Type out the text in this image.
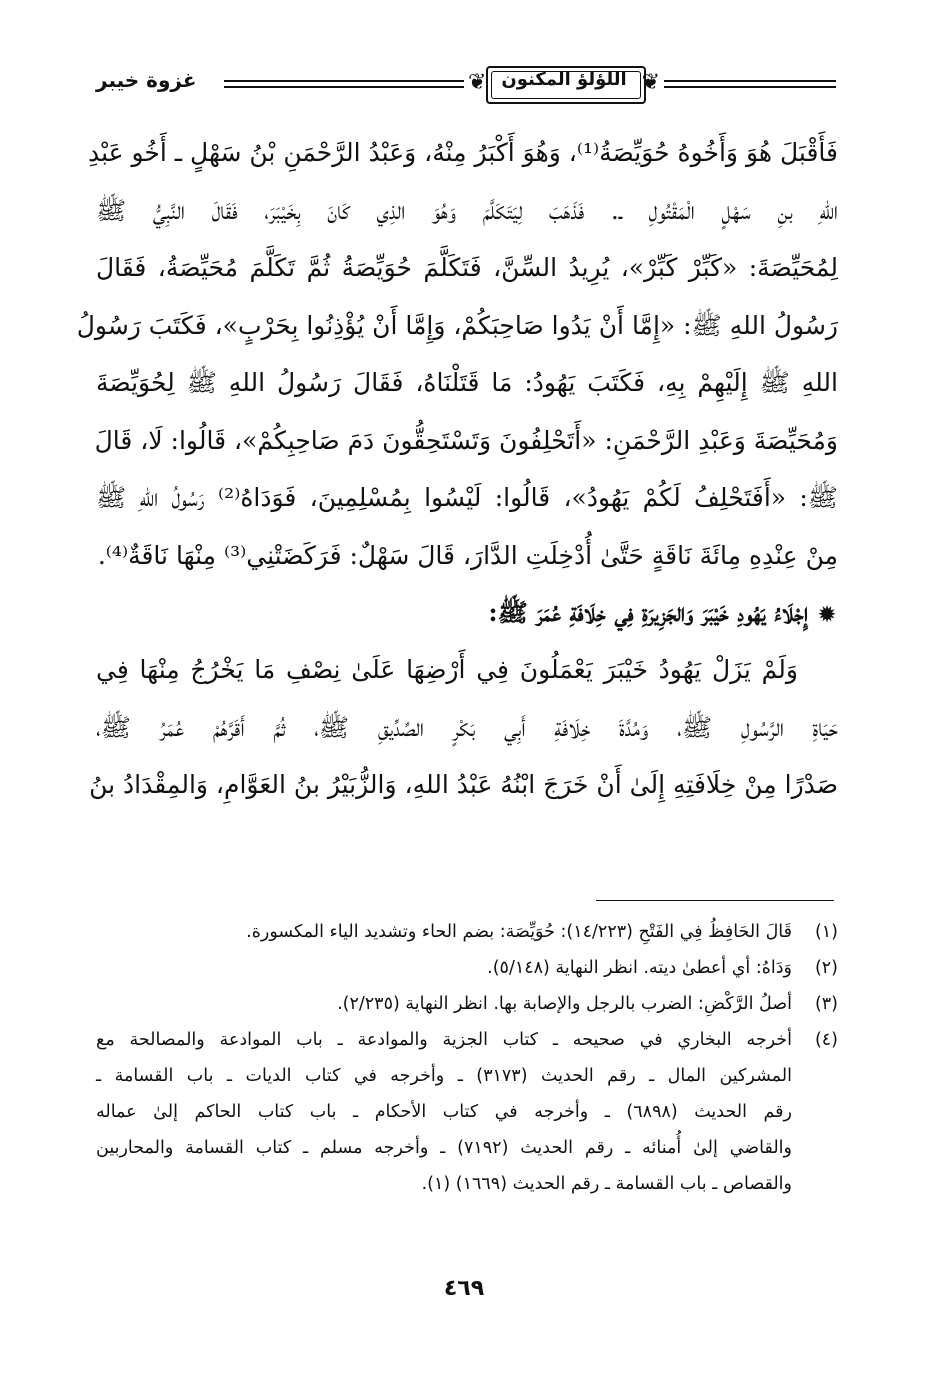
غزوة خيبر	❦ اللؤلؤ المكنون ❦
فَأَقْبَلَ هُوَ وَأَخُوهُ حُوَيِّصَةُ⁽¹⁾، وَهُوَ أَكْبَرُ مِنْهُ، وَعَبْدُ الرَّحْمَنِ بْنُ سَهْلٍ ـ أَخُو عَبْدِ
اللهِ بنِ سَهْلٍ الْمَقْتُولِ ـ. فَذَهَبَ لِيَتَكَلَّمَ وَهُوَ الذِي كَانَ بِخَيْبَرَ، فَقَالَ النَّبِيُّ ﷺ
لِمُحَيِّصَةَ: «كَبِّرْ كَبِّرْ»، يُرِيدُ السِّنَّ، فَتَكَلَّمَ حُوَيِّصَةُ ثُمَّ تَكَلَّمَ مُحَيِّصَةُ، فَقَالَ
رَسُولُ اللهِ ﷺ: «إِمَّا أَنْ يَدُوا صَاحِبَكُمْ، وَإِمَّا أَنْ يُؤْذِنُوا بِحَرْبٍ»، فَكَتَبَ رَسُولُ
اللهِ ﷺ إِلَيْهِمْ بِهِ، فَكَتَبَ يَهُودُ: مَا قَتَلْنَاهُ، فَقَالَ رَسُولُ اللهِ ﷺ لِحُوَيِّصَةَ
وَمُحَيِّصَةَ وَعَبْدِ الرَّحْمَنِ: «أَتَحْلِفُونَ وَتَسْتَحِقُّونَ دَمَ صَاحِبِكُمْ»، قَالُوا: لَا، قَالَ
ﷺ: «أَفَتَحْلِفُ لَكُمْ يَهُودُ»، قَالُوا: لَيْسُوا بِمُسْلِمِينَ، فَوَدَاهُ⁽²⁾ رَسُولُ اللهِ ﷺ
مِنْ عِنْدِهِ مِائَةَ نَاقَةٍ حَتَّىٰ أُدْخِلَتِ الدَّارَ، قَالَ سَهْلٌ: فَرَكَضَتْنِي⁽³⁾ مِنْهَا نَاقَةٌ⁽⁴⁾.
✹إِجْلَاءُ يَهُودِ خَيْبَرَ وَالجَزِيرَةِ فِي خِلَافَةِ عُمَرَ ﷺ:
وَلَمْ يَزَلْ يَهُودُ خَيْبَرَ يَعْمَلُونَ فِي أَرْضِهَا عَلَىٰ نِصْفِ مَا يَخْرُجُ مِنْهَا فِي
حَيَاةِ الرَّسُولِ ﷺ، وَمُدَّةَ خِلَافَةِ أَبِي بَكْرٍ الصِّدِّيقِ ﷺ، ثُمَّ أَقَرَّهُمْ عُمَرُ ﷺ،
صَدْرًا مِنْ خِلَافَتِهِ إِلَىٰ أَنْ خَرَجَ ابْنُهُ عَبْدُ اللهِ، وَالزُّبَيْرُ بنُ العَوَّامِ، وَالمِقْدَادُ بنُ
(١)
قَالَ الحَافِظُ فِي الفَتْحِ (١٤/٢٢٣): حُوَيِّصَة: بضم الحاء وتشديد الياء المكسورة.
(٢)
وَدَاهُ: أي أعطىٰ ديته. انظر النهاية (٥/١٤٨).
(٣)
أصلُ الرَّكْضِ: الضرب بالرجل والإصابة بها. انظر النهاية (٢/٢٣٥).
(٤)
أخرجه البخاري في صحيحه ـ كتاب الجزية والموادعة ـ باب الموادعة والمصالحة مع
المشركين المال ـ رقم الحديث (٣١٧٣) ـ وأخرجه في كتاب الديات ـ باب القسامة ـ
رقم الحديث (٦٨٩٨) ـ وأخرجه في كتاب الأحكام ـ باب كتاب الحاكم إلىٰ عماله
والقاضي إلىٰ أُمنائه ـ رقم الحديث (٧١٩٢) ـ وأخرجه مسلم ـ كتاب القسامة والمحاربين
والقصاص ـ باب القسامة ـ رقم الحديث (١٦٦٩) (١).
٤٦٩
